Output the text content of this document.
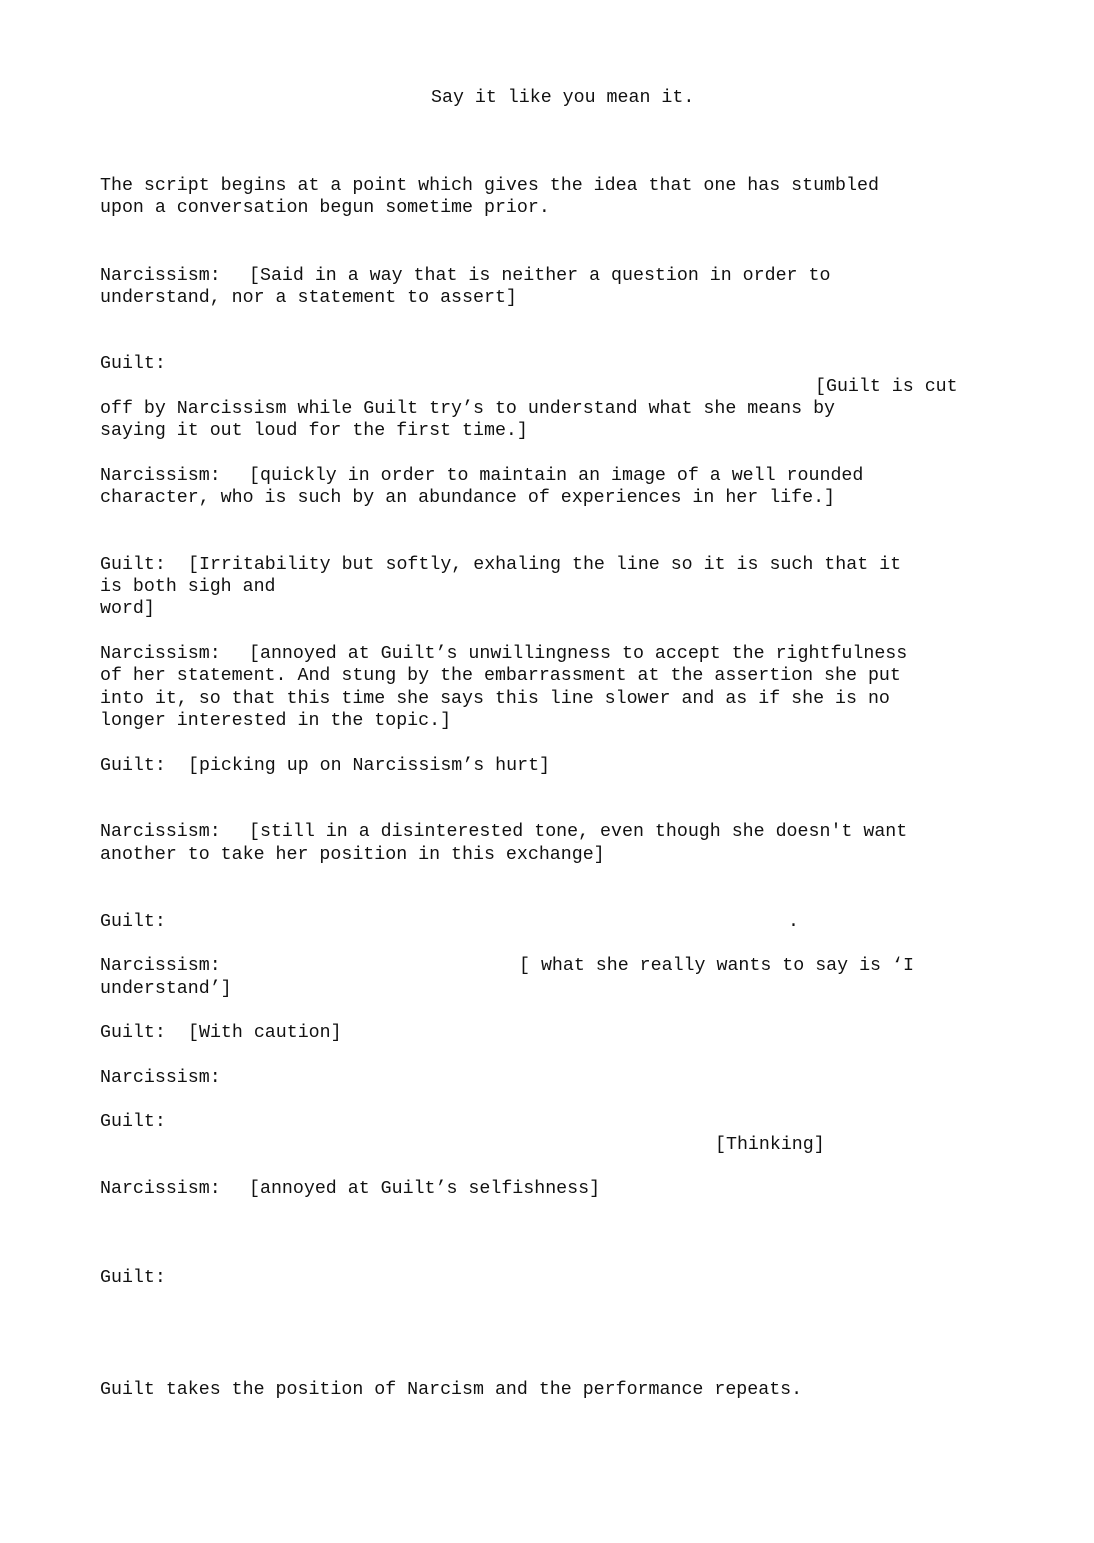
Say it like you mean it.

The script begins at a point which gives the idea that one has stumbled

upon a conversation begun sometime prior.

Narcissism: [Said in a way that is neither a question in order to
understand, nor a statement to assert]
Guilt:
[Guilt is cut
off by Narcissism while Guilt try’s to understand what she means by
saying it out loud for the first time.]
Narcissism: [quickly in order to maintain an image of a well rounded
character, who is such by an abundance of experiences in her life.]
Guilt: [Irritability but softly, exhaling the line so it is such that it
is both sigh and
word]
Narcissism: [annoyed at Guilt’s unwillingness to accept the rightfulness
of her statement. And stung by the embarrassment at the assertion she put
into it, so that this time she says this line slower and as if she is no
longer interested in the topic.]
Guilt: [picking up on Narcissism’s hurt]
Narcissism: [still in a disinterested tone, even though she doesn't want
another to take her position in this exchange]
Guilt:	.
Narcissism:	[ what she really wants to say is ‘I
understand’]
Guilt: [With caution]
Narcissism:
Guilt:
[Thinking]
Narcissism: [annoyed at Guilt’s selfishness]
Guilt:

Guilt takes the position of Narcism and the performance repeats.
